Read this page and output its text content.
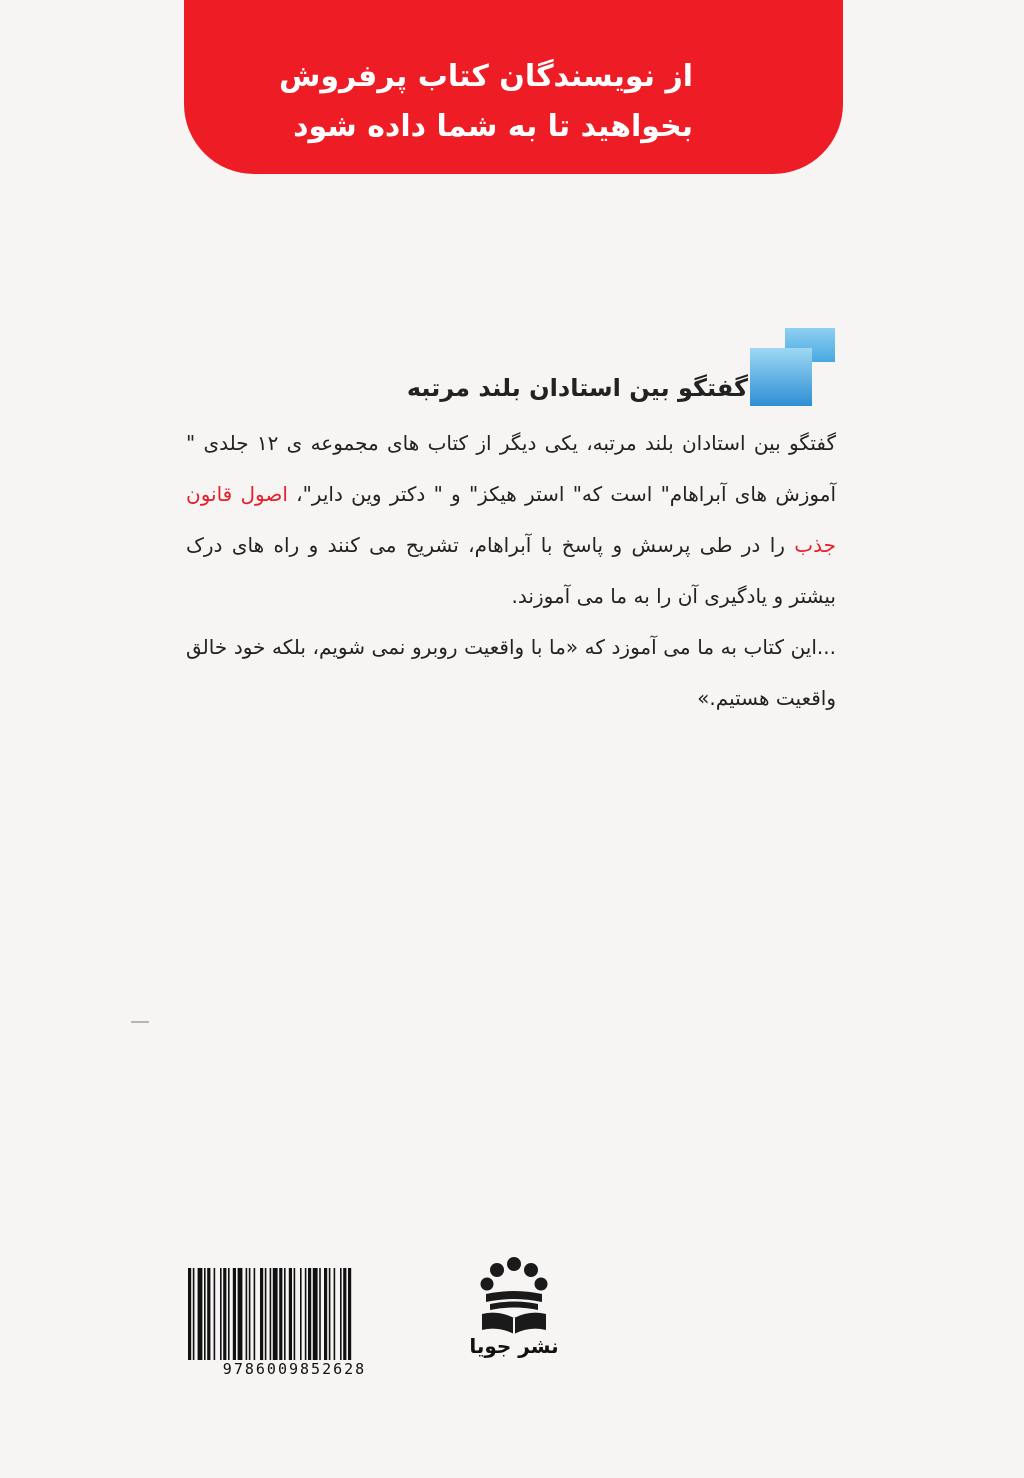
از نویسندگان کتاب پرفروش
بخواهید تا به شما داده شود
گفتگو بین استادان بلند مرتبه

گفتگو بین استادان بلند مرتبه، یکی دیگر از کتاب های مجموعه ی ۱۲ جلدی " آموزش های آبراهام" است که" استر هیکز" و " دکتر وین دایر"، اصول قانون جذب را در طی پرسش و پاسخ با آبراهام، تشریح می کنند و راه های درک بیشتر و یادگیری آن را به ما می آموزند.

...این کتاب به ما می آموزد که «ما با واقعیت روبرو نمی شویم، بلکه خود خالق واقعیت هستیم.»

9786009852628
نشر جویا
